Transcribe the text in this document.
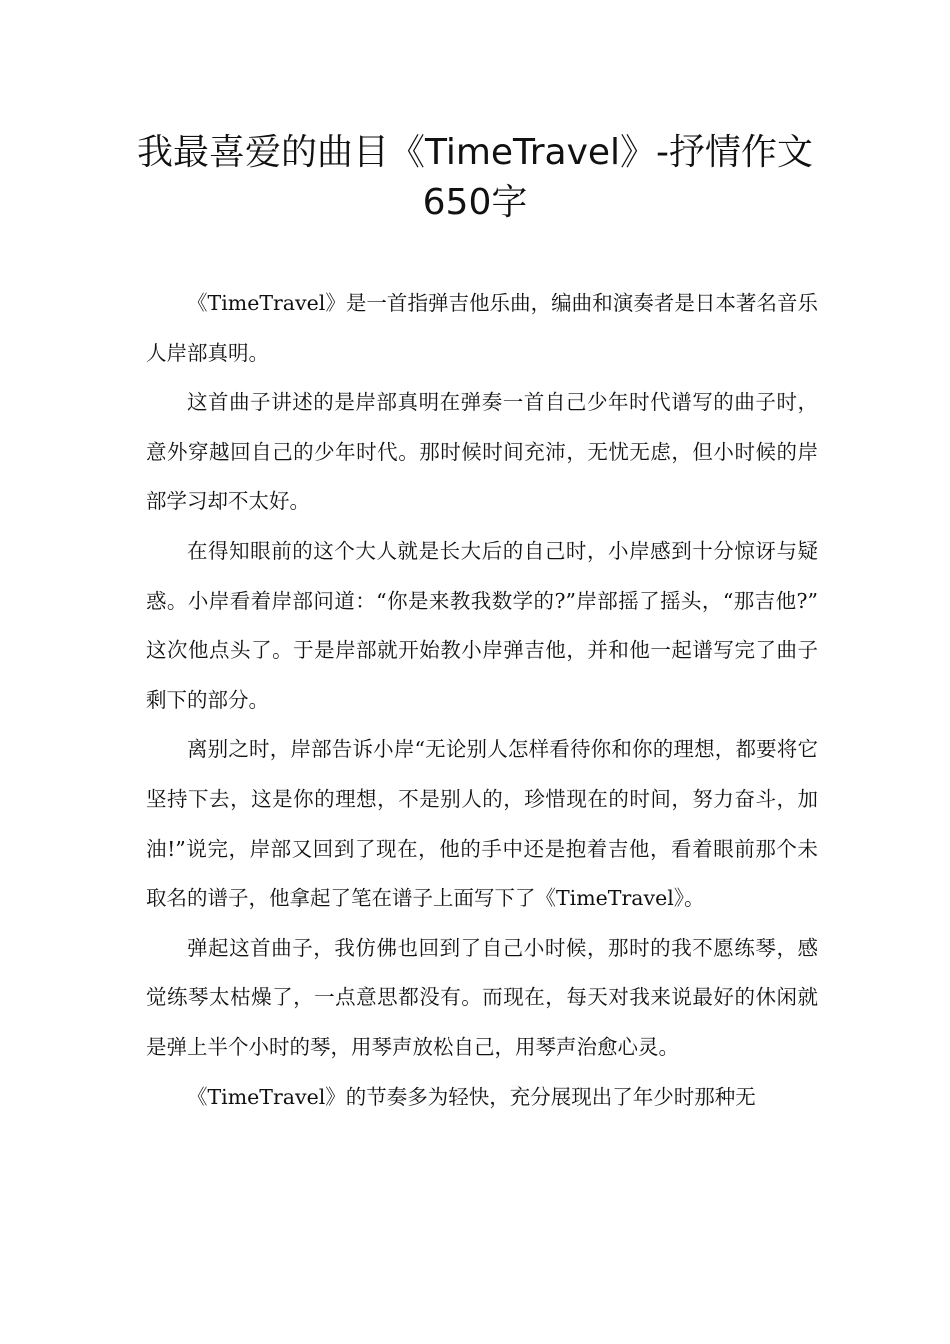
我最喜爱的曲目《TimeTravel》-抒情作文650字

《TimeTravel》是一首指弹吉他乐曲，编曲和演奏者是日本著名音乐人岸部真明。

这首曲子讲述的是岸部真明在弹奏一首自己少年时代谱写的曲子时，意外穿越回自己的少年时代。那时候时间充沛，无忧无虑，但小时候的岸部学习却不太好。

在得知眼前的这个大人就是长大后的自己时，小岸感到十分惊讶与疑惑。小岸看着岸部问道：“你是来教我数学的?”岸部摇了摇头，“那吉他?”这次他点头了。于是岸部就开始教小岸弹吉他，并和他一起谱写完了曲子剩下的部分。

离别之时，岸部告诉小岸“无论别人怎样看待你和你的理想，都要将它坚持下去，这是你的理想，不是别人的，珍惜现在的时间，努力奋斗，加油!”说完，岸部又回到了现在，他的手中还是抱着吉他，看着眼前那个未取名的谱子，他拿起了笔在谱子上面写下了《TimeTravel》。

弹起这首曲子，我仿佛也回到了自己小时候，那时的我不愿练琴，感觉练琴太枯燥了，一点意思都没有。而现在，每天对我来说最好的休闲就是弹上半个小时的琴，用琴声放松自己，用琴声治愈心灵。

《TimeTravel》的节奏多为轻快，充分展现出了年少时那种无
